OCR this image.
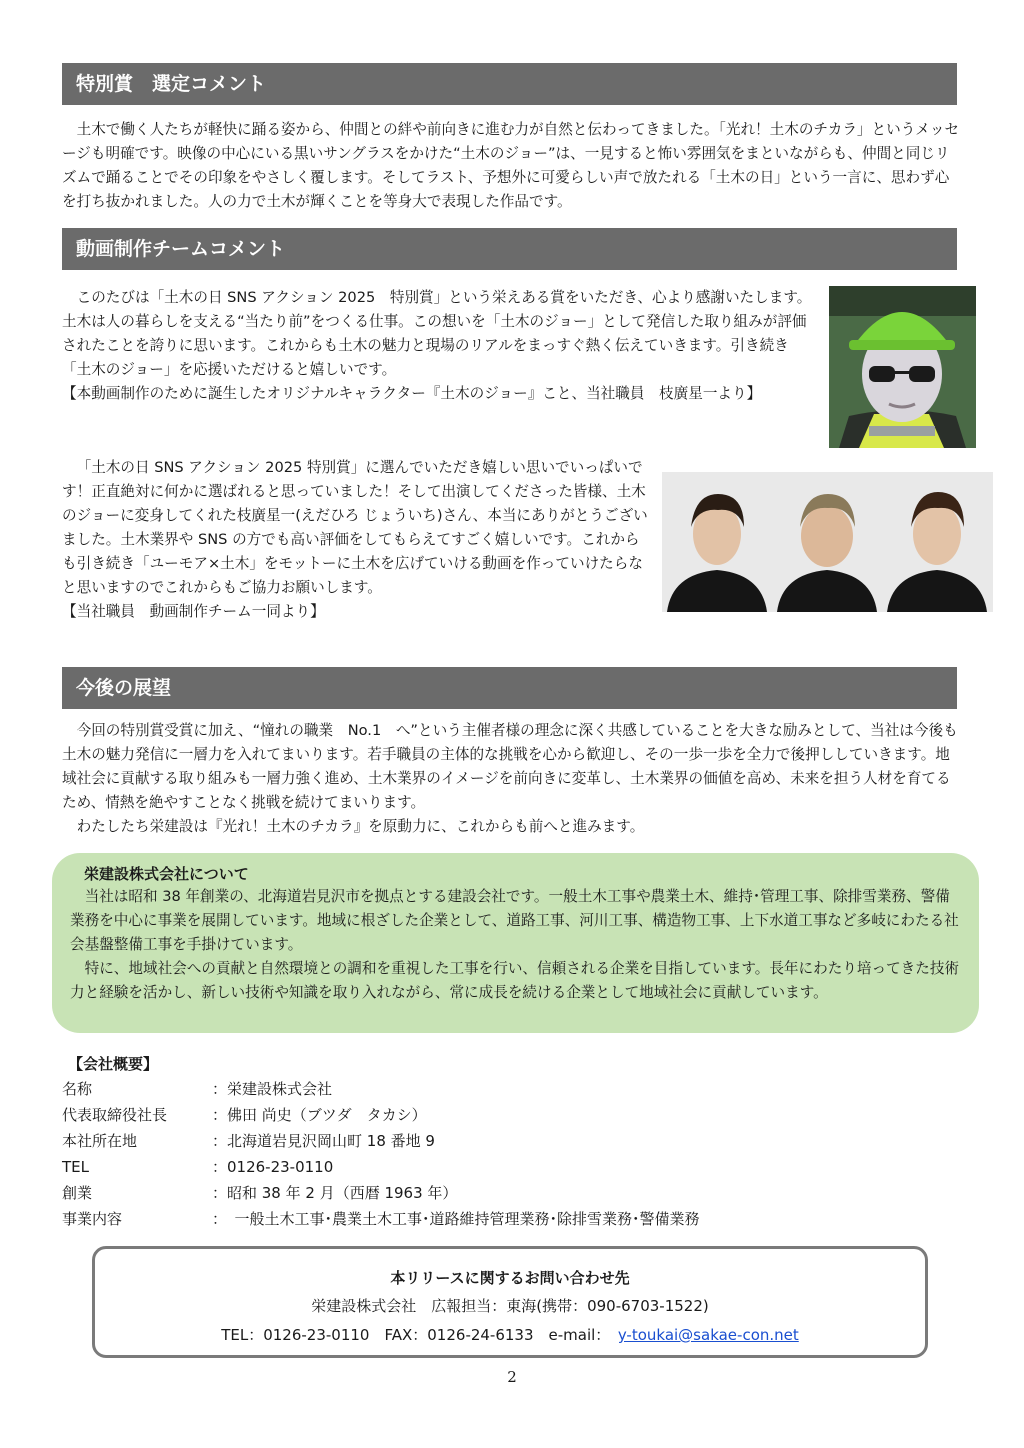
特別賞　選定コメント

土木で働く人たちが軽快に踊る姿から、仲間との絆や前向きに進む力が自然と伝わってきました。「光れ！土木のチカラ」というメッセージも明確です。映像の中心にいる黒いサングラスをかけた“土木のジョー”は、一見すると怖い雰囲気をまといながらも、仲間と同じリズムで踊ることでその印象をやさしく覆します。そしてラスト、予想外に可愛らしい声で放たれる「土木の日」という一言に、思わず心を打ち抜かれました。人の力で土木が輝くことを等身大で表現した作品です。

動画制作チームコメント

このたびは「土木の日 SNS アクション 2025　特別賞」という栄えある賞をいただき、心より感謝いたします。土木は人の暮らしを支える“当たり前”をつくる仕事。この想いを「土木のジョー」として発信した取り組みが評価されたことを誇りに思います。これからも土木の魅力と現場のリアルをまっすぐ熱く伝えていきます。引き続き「土木のジョー」を応援いただけると嬉しいです。

【本動画制作のために誕生したオリジナルキャラクター『土木のジョー』こと、当社職員　枝廣星一より】

「土木の日 SNS アクション 2025 特別賞」に選んでいただき嬉しい思いでいっぱいです！正直絶対に何かに選ばれると思っていました！そして出演してくださった皆様、土木のジョーに変身してくれた枝廣星一(えだひろ じょういち)さん、本当にありがとうございました。土木業界や SNS の方でも高い評価をしてもらえてすごく嬉しいです。これからも引き続き「ユーモア×土木」をモットーに土木を広げていける動画を作っていけたらなと思いますのでこれからもご協力お願いします。

【当社職員　動画制作チーム一同より】

今後の展望

今回の特別賞受賞に加え、“憧れの職業　No.1　へ”という主催者様の理念に深く共感していることを大きな励みとして、当社は今後も土木の魅力発信に一層力を入れてまいります。若手職員の主体的な挑戦を心から歓迎し、その一歩一歩を全力で後押ししていきます。地域社会に貢献する取り組みも一層力強く進め、土木業界のイメージを前向きに変革し、土木業界の価値を高め、未来を担う人材を育てるため、情熱を絶やすことなく挑戦を続けてまいります。

わたしたち栄建設は『光れ！土木のチカラ』を原動力に、これからも前へと進みます。

栄建設株式会社について

当社は昭和 38 年創業の、北海道岩見沢市を拠点とする建設会社です。一般土木工事や農業土木、維持･管理工事、除排雪業務、警備業務を中心に事業を展開しています。地域に根ざした企業として、道路工事、河川工事、構造物工事、上下水道工事など多岐にわたる社会基盤整備工事を手掛けています。

特に、地域社会への貢献と自然環境との調和を重視した工事を行い、信頼される企業を目指しています。長年にわたり培ってきた技術力と経験を活かし、新しい技術や知識を取り入れながら、常に成長を続ける企業として地域社会に貢献しています。

【会社概要】
名称	：栄建設株式会社
代表取締役社長	：佛田 尚史（ブツダ　タカシ）
本社所在地	：北海道岩見沢岡山町 18 番地 9
TEL	：0126-23-0110
創業	：昭和 38 年 2 月（西暦 1963 年）
事業内容	：　一般土木工事･農業土木工事･道路維持管理業務･除排雪業務･警備業務
本リリースに関するお問い合わせ先
栄建設株式会社　広報担当：東海(携帯：090-6703-1522)
TEL：0126-23-0110　FAX：0126-24-6133　e-mail：　y-toukai@sakae-con.net
2
